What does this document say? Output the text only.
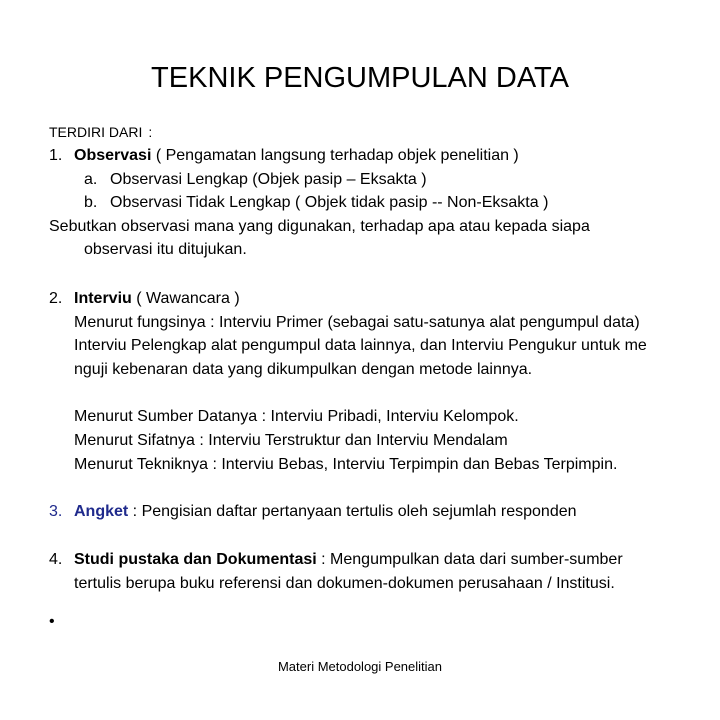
TEKNIK PENGUMPULAN DATA
TERDIRI DARI :
1. Observasi ( Pengamatan langsung terhadap objek penelitian )
a. Observasi Lengkap (Objek pasip – Eksakta )
b. Observasi Tidak Lengkap ( Objek tidak pasip -- Non-Eksakta )
Sebutkan observasi mana yang digunakan, terhadap apa atau kepada siapa
observasi itu ditujukan.
2. Interviu ( Wawancara )
Menurut fungsinya : Interviu Primer (sebagai satu-satunya alat pengumpul data)
Interviu Pelengkap alat pengumpul data lainnya, dan Interviu Pengukur untuk me
nguji kebenaran data yang dikumpulkan dengan metode lainnya.
Menurut Sumber Datanya : Interviu Pribadi, Interviu Kelompok.
Menurut Sifatnya : Interviu Terstruktur dan Interviu Mendalam
Menurut Tekniknya : Interviu Bebas, Interviu Terpimpin dan Bebas Terpimpin.
3. Angket : Pengisian daftar pertanyaan tertulis oleh sejumlah responden
4. Studi pustaka dan Dokumentasi : Mengumpulkan data dari sumber-sumber
tertulis berupa buku referensi dan dokumen-dokumen perusahaan / Institusi.
•
Materi Metodologi Penelitian
